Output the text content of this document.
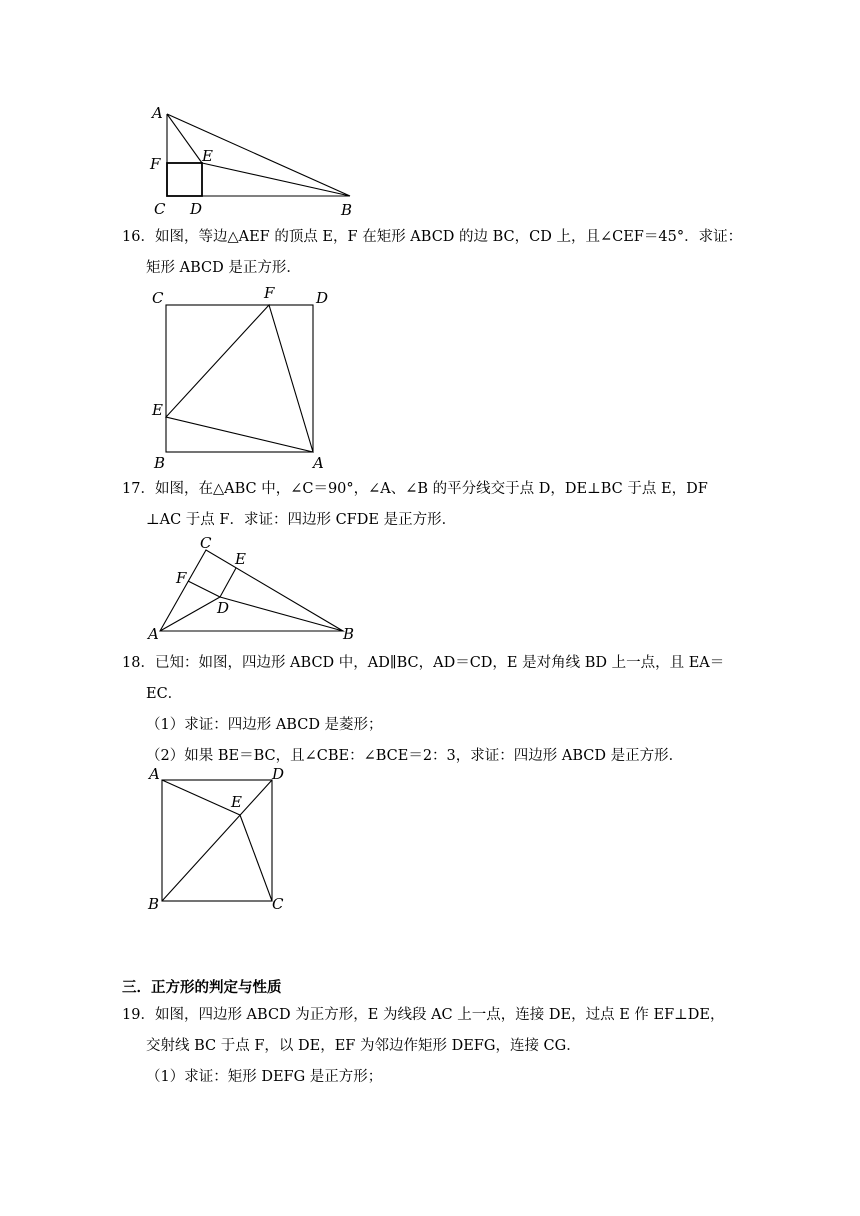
A
F	E
C D	B
16．如图，等边△AEF 的顶点 E，F 在矩形 ABCD 的边 BC，CD 上，且∠CEF＝45°．求证：
矩形 ABCD 是正方形．
C	F	D
E
B	A
17．如图，在△ABC 中，∠C＝90°，∠A、∠B 的平分线交于点 D，DE⊥BC 于点 E，DF
⊥AC 于点 F．求证：四边形 CFDE 是正方形．
C
E
F
D
A	B
18．已知：如图，四边形 ABCD 中，AD∥BC，AD＝CD，E 是对角线 BD 上一点，且 EA＝
EC．
（1）求证：四边形 ABCD 是菱形；
（2）如果 BE＝BC，且∠CBE：∠BCE＝2：3，求证：四边形 ABCD 是正方形．
A	D
E
B	C
三．正方形的判定与性质
19．如图，四边形 ABCD 为正方形，E 为线段 AC 上一点，连接 DE，过点 E 作 EF⊥DE，
交射线 BC 于点 F，以 DE，EF 为邻边作矩形 DEFG，连接 CG．
（1）求证：矩形 DEFG 是正方形；
